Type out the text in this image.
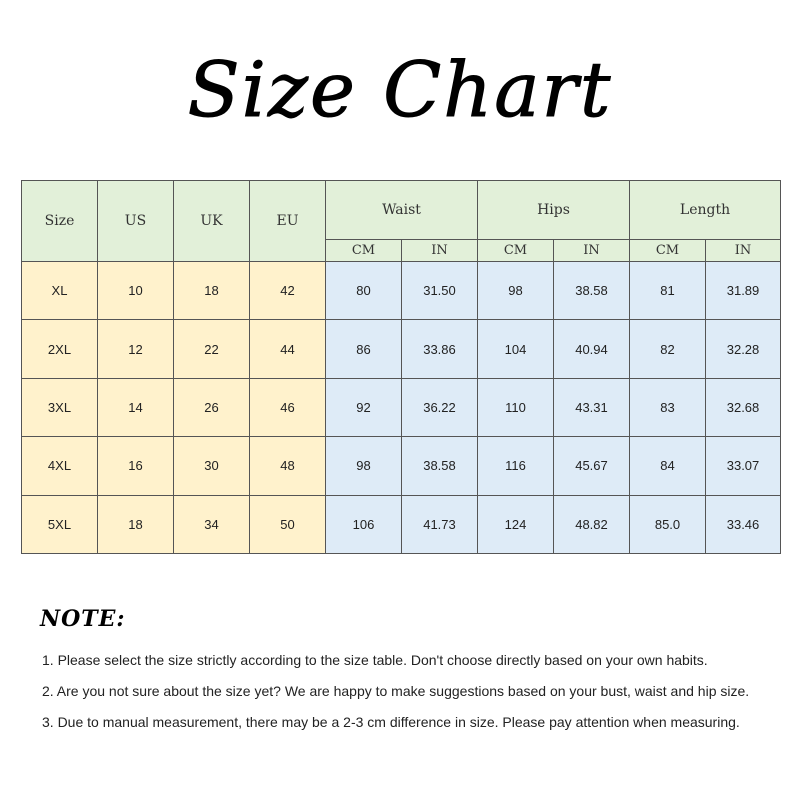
Size Chart
Size	US	UK	EU	Waist		Hips		Length	
				CM	IN	CM	IN	CM	IN
XL	10	18	42	80	31.50	98	38.58	81	31.89
2XL	12	22	44	86	33.86	104	40.94	82	32.28
3XL	14	26	46	92	36.22	110	43.31	83	32.68
4XL	16	30	48	98	38.58	116	45.67	84	33.07
5XL	18	34	50	106	41.73	124	48.82	85.0	33.46
NOTE:
1. Please select the size strictly according to the size table. Don't choose directly based on your own habits.
2. Are you not sure about the size yet? We are happy to make suggestions based on your bust, waist and hip size.
3. Due to manual measurement, there may be a 2-3 cm difference in size. Please pay attention when measuring.
